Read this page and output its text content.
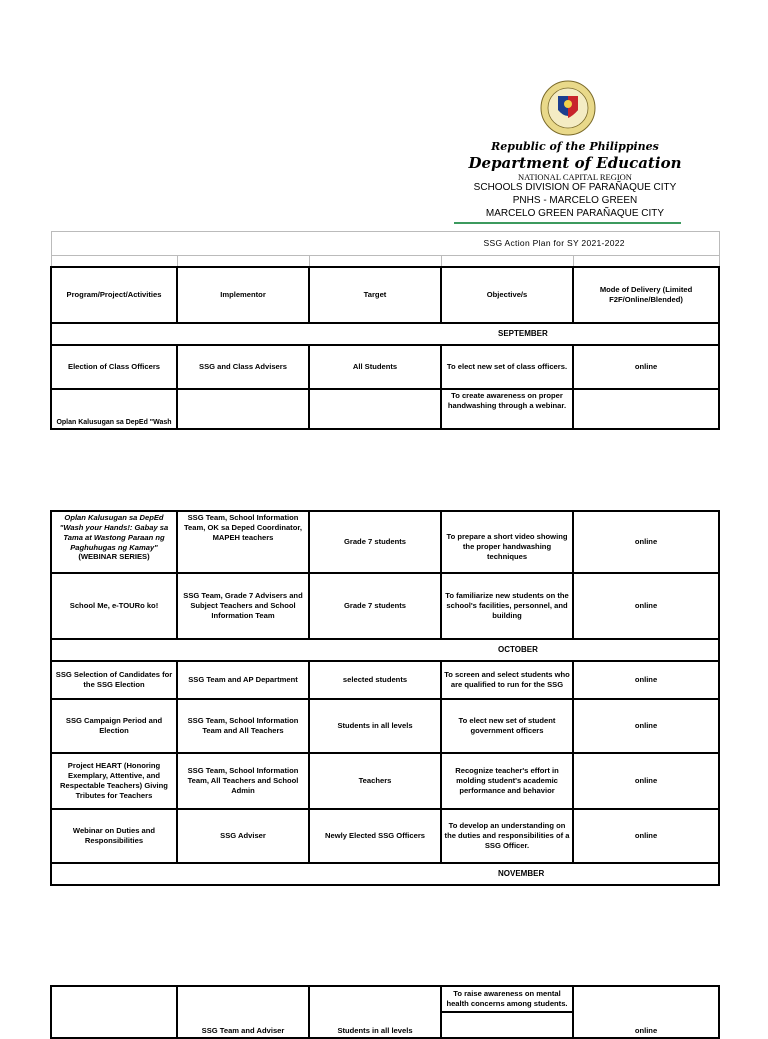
Republic of the Philippines
Department of Education
NATIONAL CAPITAL REGION
SCHOOLS DIVISION OF PARAÑAQUE CITY
PNHS - MARCELO GREEN
MARCELO GREEN PARAÑAQUE CITY
SSG Action Plan for SY 2021-2022				

Program/Project/Activities	Implementor	Target	Objective/s	Mode of Delivery (Limited F2F/Online/Blended)
SEPTEMBER				
Election of Class Officers	SSG and Class Advisers	All Students	To elect new set of class officers.	online
Oplan Kalusugan sa DepEd "Wash			To create awareness on proper handwashing through a webinar.	
Oplan Kalusugan sa DepEd "Wash your Hands!: Gabay sa Tama at Wastong Paraan ng Paghuhugas ng Kamay"(WEBINAR SERIES)	SSG Team, School Information Team, OK sa Deped Coordinator, MAPEH teachers	Grade 7 students	To prepare a short video showing the proper handwashing techniques	online
School Me, e-TOURo ko!	SSG Team, Grade 7 Advisers and Subject Teachers and School Information Team	Grade 7 students	To familiarize new students on the school's facilities, personnel, and building	online
OCTOBER				
SSG Selection of Candidates for the SSG Election	SSG Team and AP Department	selected students	To screen and select students who are qualified to run for the SSG	online
SSG Campaign Period and Election	SSG Team, School Information Team and All Teachers	Students in all levels	To elect new set of student government officers	online
Project HEART (Honoring Exemplary, Attentive, and Respectable Teachers) Giving Tributes for Teachers	SSG Team, School Information Team, All Teachers and School Admin	Teachers	Recognize teacher's effort in molding student's academic performance and behavior	online
Webinar on Duties and Responsibilities	SSG Adviser	Newly Elected SSG Officers	To develop an understanding on the duties and responsibilities of a SSG Officer.	online
NOVEMBER				
	SSG Team and Adviser	Students in all levels	To raise awareness on mental health concerns among students.	online
